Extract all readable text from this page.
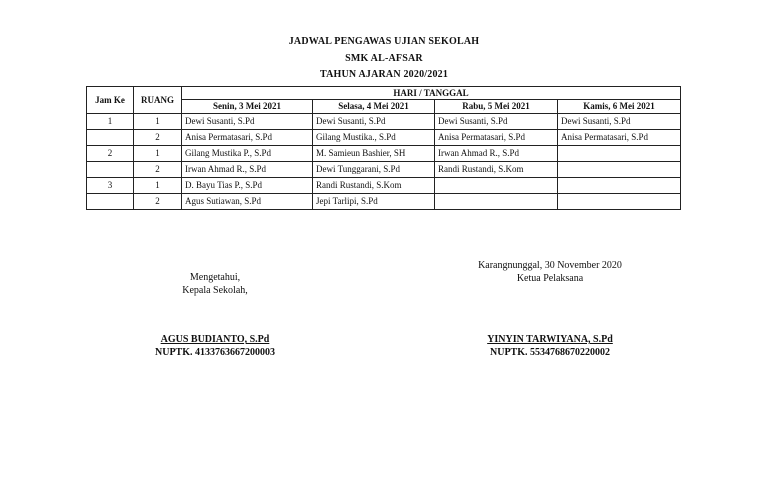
JADWAL PENGAWAS UJIAN SEKOLAH
SMK AL-AFSAR
TAHUN AJARAN 2020/2021
Jam Ke	RUANG	HARI / TANGGAL			
		Senin, 3 Mei 2021	Selasa, 4 Mei 2021	Rabu, 5 Mei 2021	Kamis, 6 Mei 2021
1	1	Dewi Susanti, S.Pd	Dewi Susanti, S.Pd	Dewi Susanti, S.Pd	Dewi Susanti, S.Pd
	2	Anisa Permatasari, S.Pd	Gilang Mustika., S.Pd	Anisa Permatasari, S.Pd	Anisa Permatasari, S.Pd
2	1	Gilang Mustika P., S.Pd	M. Samieun Bashier, SH	Irwan Ahmad R., S.Pd	
	2	Irwan Ahmad R., S.Pd	Dewi Tunggarani, S.Pd	Randi Rustandi, S.Kom	
3	1	D. Bayu Tias P., S.Pd	Randi Rustandi, S.Kom		
	2	Agus Sutiawan, S.Pd	Jepi Tarlipi, S.Pd		
Mengetahui,
Kepala Sekolah,
AGUS BUDIANTO, S.Pd
NUPTK. 4133763667200003
Karangnunggal, 30 November 2020
Ketua Pelaksana
YINYIN TARWIYANA, S.Pd
NUPTK. 5534768670220002
